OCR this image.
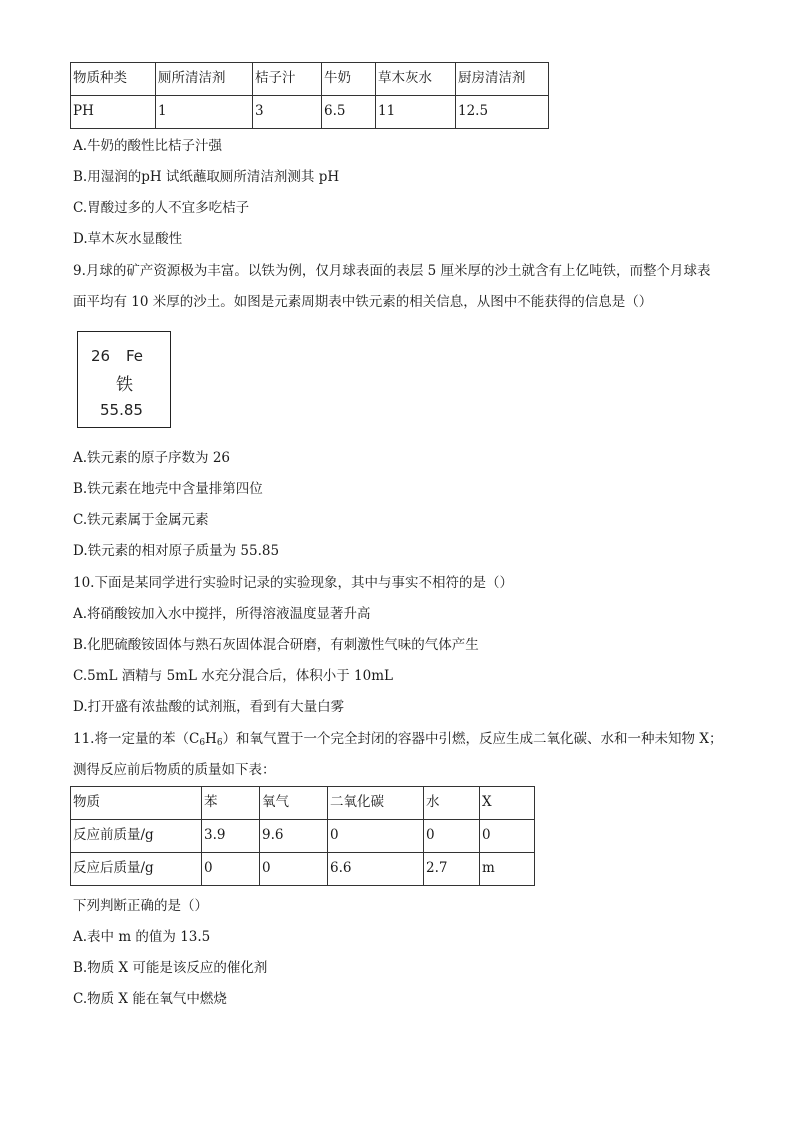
物质种类	厕所清洁剂	桔子汁	牛奶	草木灰水	厨房清洁剂
PH	1	3	6.5	11	12.5
A.牛奶的酸性比桔子汁强
B.用湿润的pH 试纸蘸取厕所清洁剂测其 pH
C.胃酸过多的人不宜多吃桔子
D.草木灰水显酸性
9.月球的矿产资源极为丰富。以铁为例，仅月球表面的表层 5 厘米厚的沙土就含有上亿吨铁，而整个月球表
面平均有 10 米厚的沙土。如图是元素周期表中铁元素的相关信息，从图中不能获得的信息是（）
26 Fe
铁
55.85
A.铁元素的原子序数为 26
B.铁元素在地壳中含量排第四位
C.铁元素属于金属元素
D.铁元素的相对原子质量为 55.85
10.下面是某同学进行实验时记录的实验现象，其中与事实不相符的是（）
A.将硝酸铵加入水中搅拌，所得溶液温度显著升高
B.化肥硫酸铵固体与熟石灰固体混合研磨，有刺激性气味的气体产生
C.5mL 酒精与 5mL 水充分混合后，体积小于 10mL
D.打开盛有浓盐酸的试剂瓶，看到有大量白雾
11.将一定量的苯$(C_6H_6)$和氧气置于一个完全封闭的容器中引燃，反应生成二氧化碳、水和一种未知物 X；
测得反应前后物质的质量如下表：
物质	苯	氧气	二氧化碳	水	X
反应前质量/g	3.9	9.6	0	0	0
反应后质量/g	0	0	6.6	2.7	m
下列判断正确的是（）
A.表中 m 的值为 13.5
B.物质 X 可能是该反应的催化剂
C.物质 X 能在氧气中燃烧
